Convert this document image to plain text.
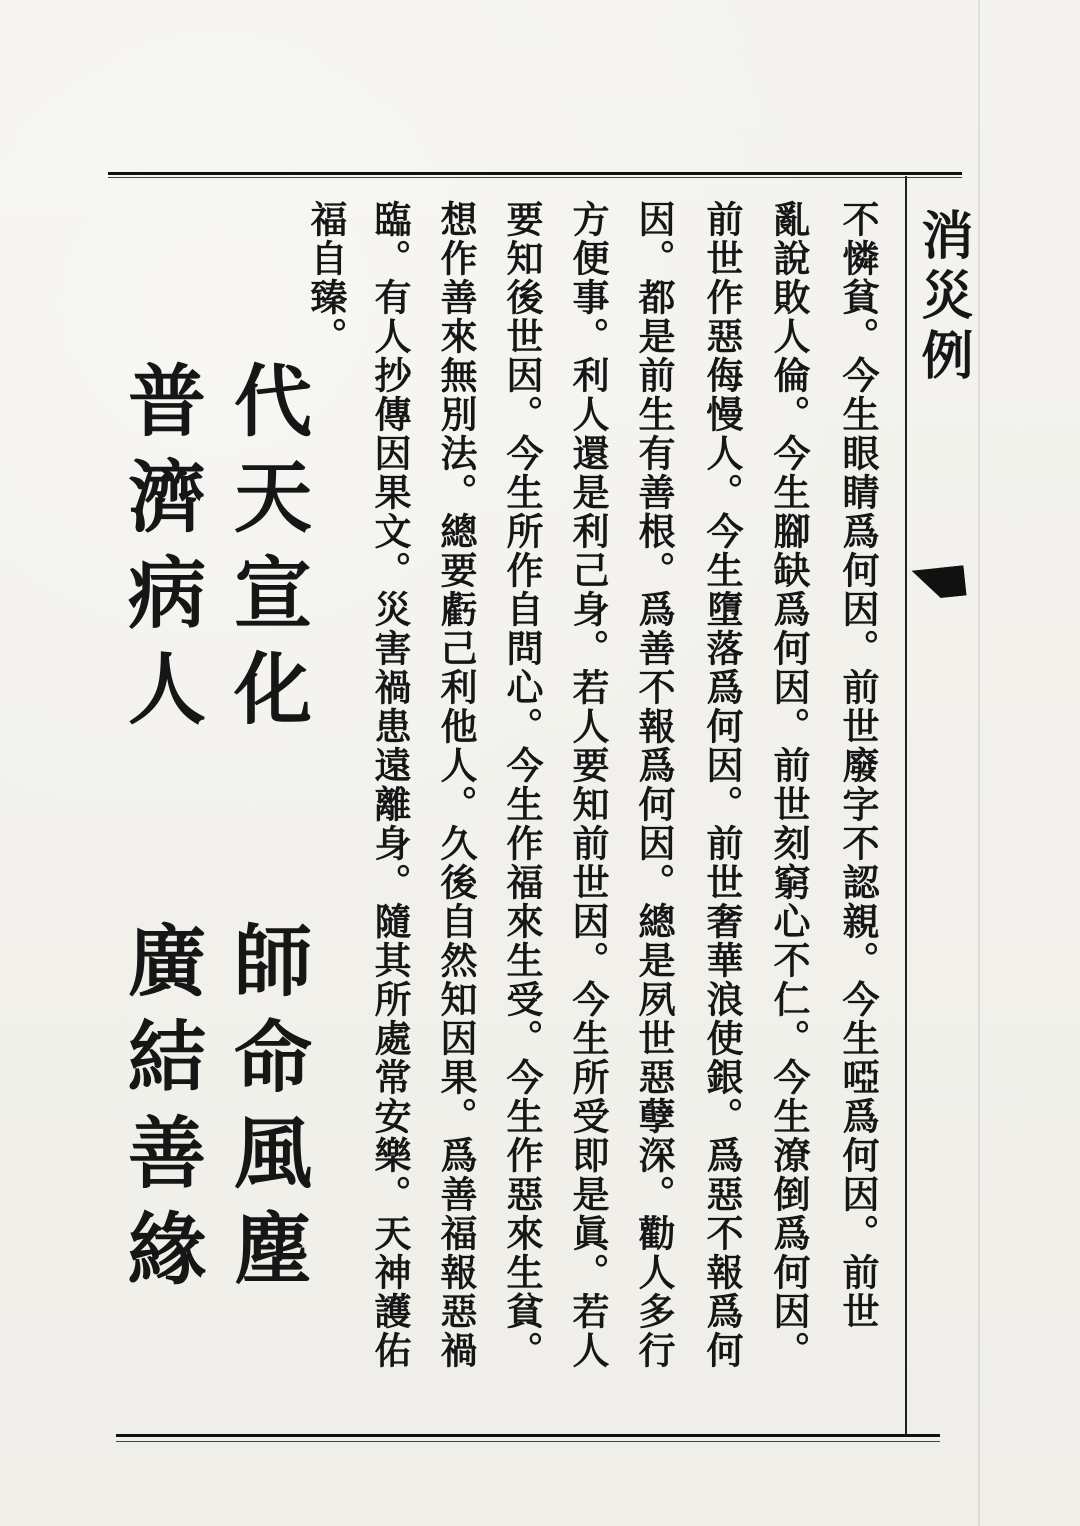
消災例
不憐貧。今生眼睛爲何因。前世廢字不認親。今生啞爲何因。前世
亂說敗人倫。今生腳缺爲何因。前世刻窮心不仁。今生潦倒爲何因。
前世作惡侮慢人。今生墮落爲何因。前世奢華浪使銀。爲惡不報爲何
因。都是前生有善根。爲善不報爲何因。總是夙世惡孽深。勸人多行
方便事。利人還是利己身。若人要知前世因。今生所受即是眞。若人
要知後世因。今生所作自問心。今生作福來生受。今生作惡來生貧。
想作善來無別法。總要虧己利他人。久後自然知因果。爲善福報惡禍
臨。有人抄傳因果文。災害禍患遠離身。隨其所處常安樂。天神護佑
福自臻。
代天宣化
師命風塵
普濟病人
廣結善緣
